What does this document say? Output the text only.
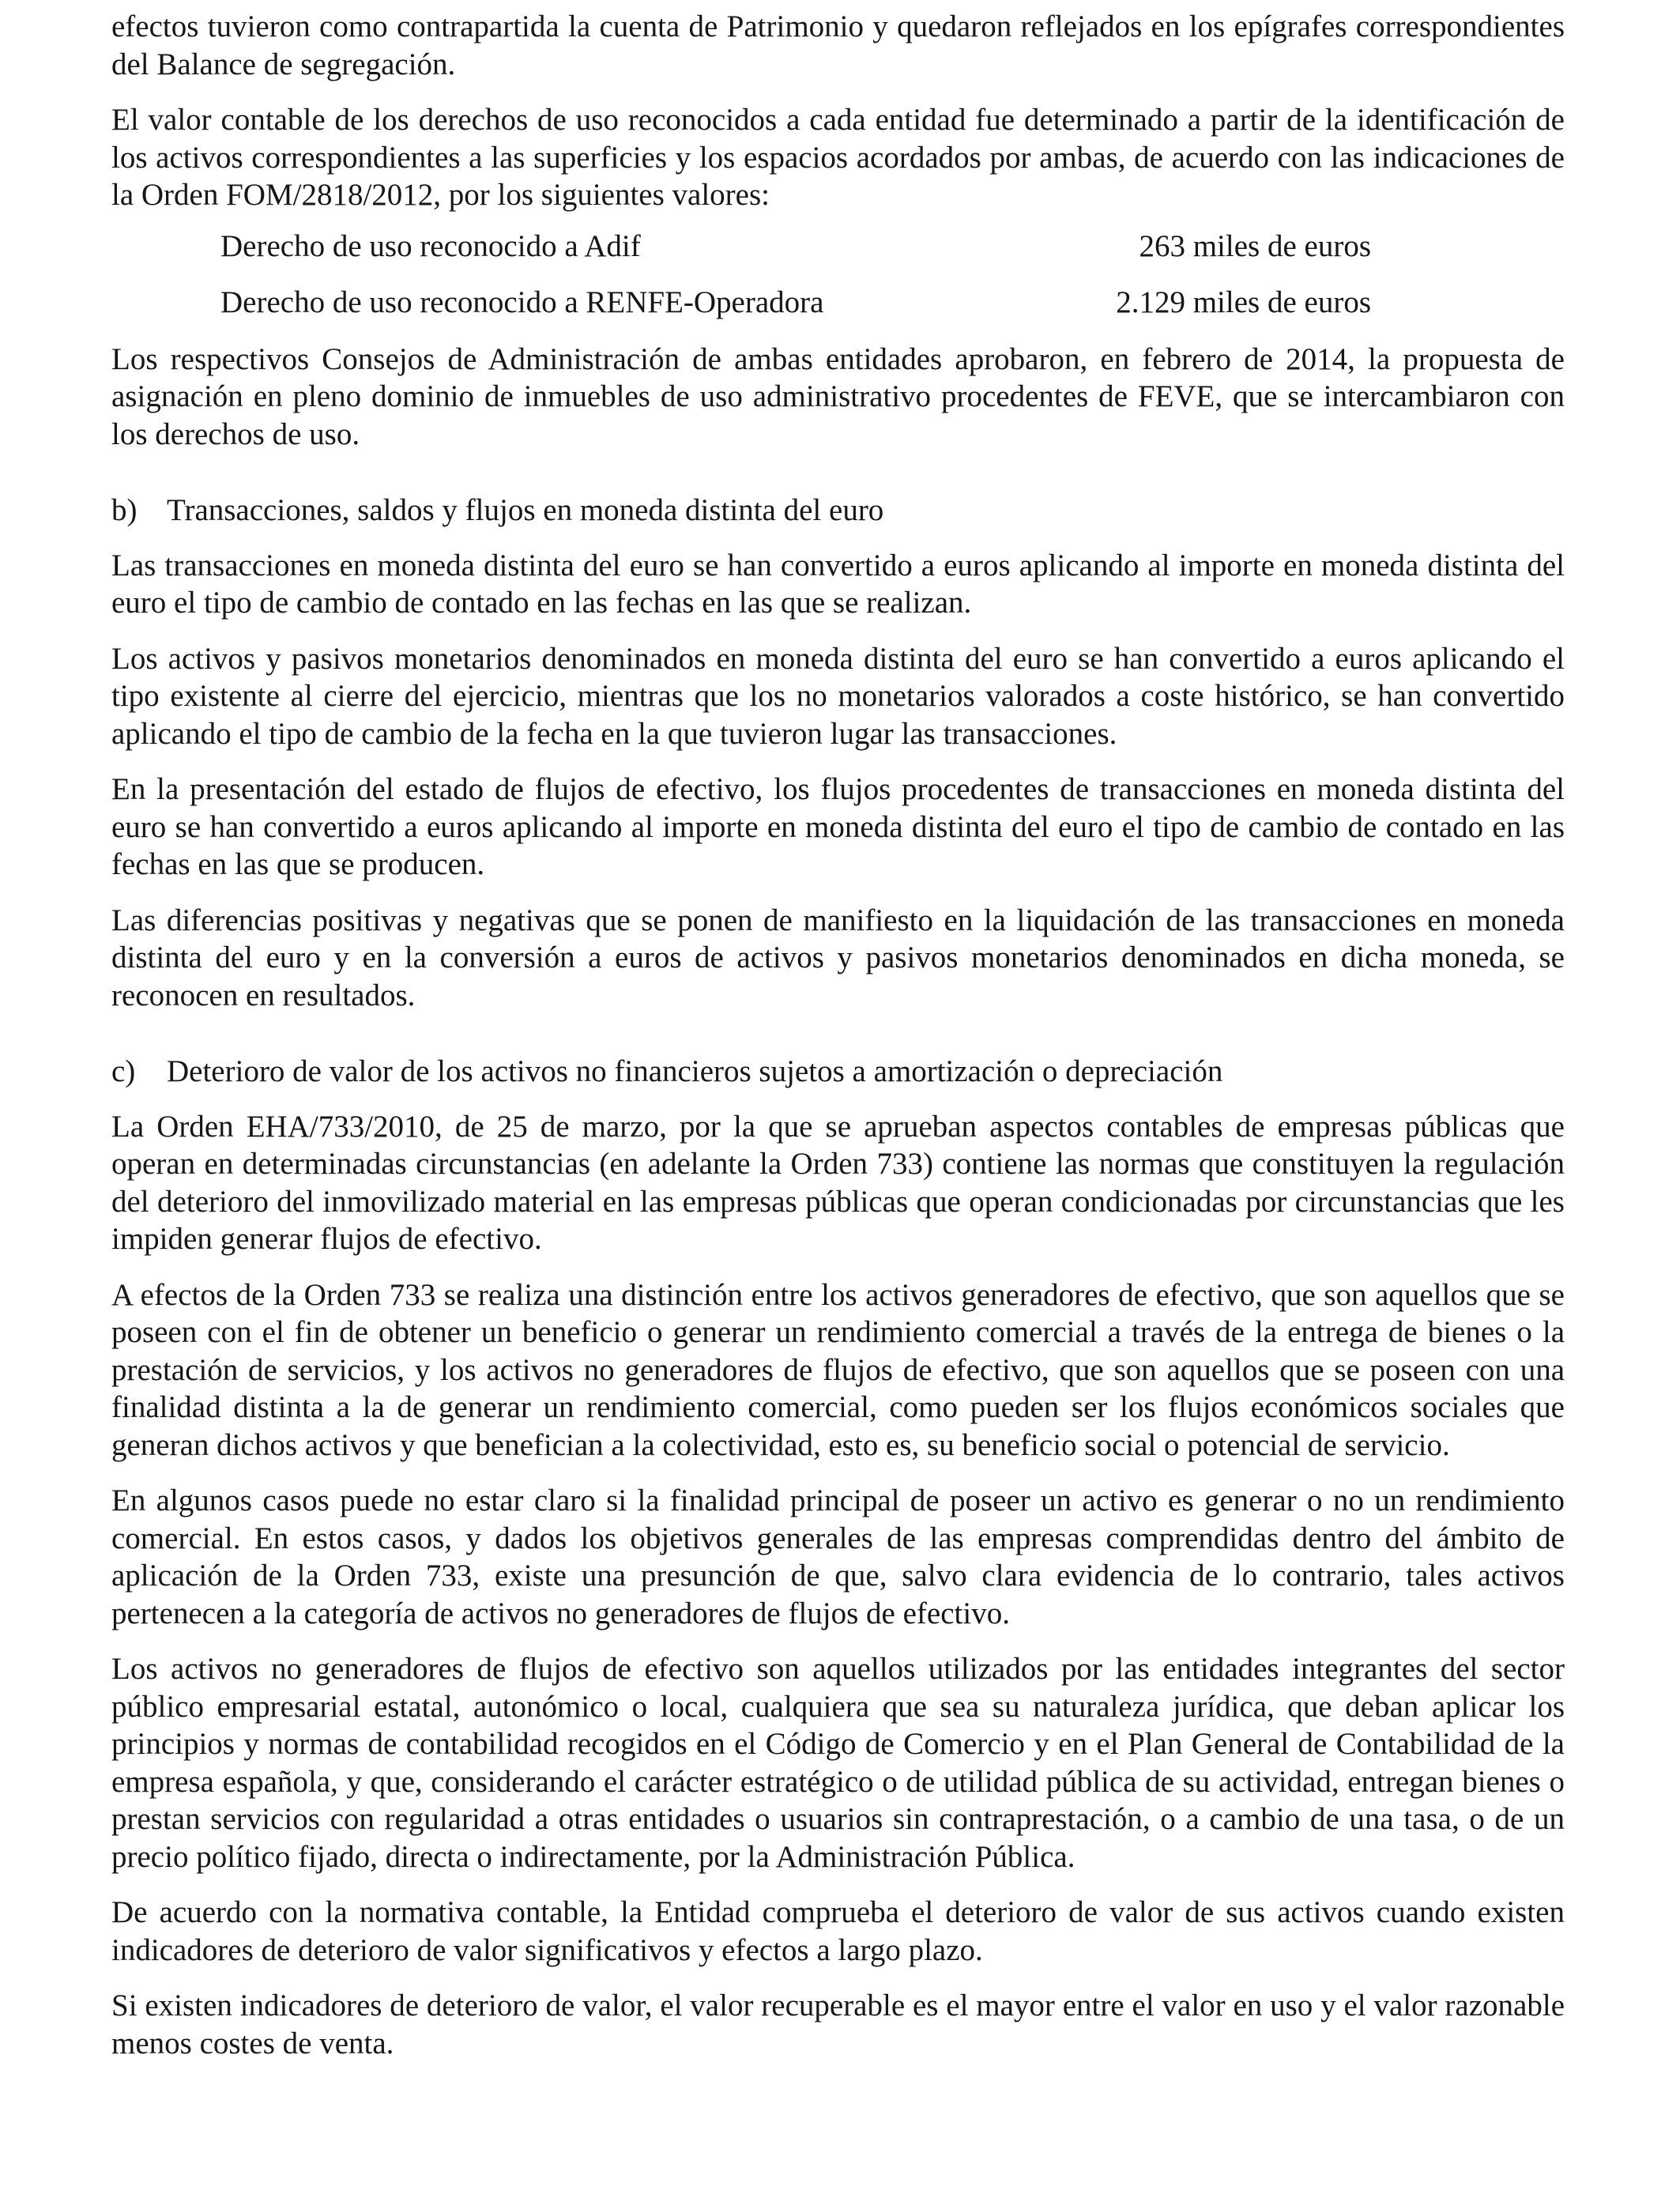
efectos tuvieron como contrapartida la cuenta de Patrimonio y quedaron reflejados en los epígrafes correspondientes del Balance de segregación.

El valor contable de los derechos de uso reconocidos a cada entidad fue determinado a partir de la identificación de los activos correspondientes a las superficies y los espacios acordados por ambas, de acuerdo con las indicaciones de la Orden FOM/2818/2012, por los siguientes valores:

Derecho de uso reconocido a Adif	263 miles de euros
Derecho de uso reconocido a RENFE-Operadora	2.129 miles de euros

Los respectivos Consejos de Administración de ambas entidades aprobaron, en febrero de 2014, la propuesta de asignación en pleno dominio de inmuebles de uso administrativo procedentes de FEVE, que se intercambiaron con los derechos de uso.

b) Transacciones, saldos y flujos en moneda distinta del euro

Las transacciones en moneda distinta del euro se han convertido a euros aplicando al importe en moneda distinta del euro el tipo de cambio de contado en las fechas en las que se realizan.

Los activos y pasivos monetarios denominados en moneda distinta del euro se han convertido a euros aplicando el tipo existente al cierre del ejercicio, mientras que los no monetarios valorados a coste histórico, se han convertido aplicando el tipo de cambio de la fecha en la que tuvieron lugar las transacciones.

En la presentación del estado de flujos de efectivo, los flujos procedentes de transacciones en moneda distinta del euro se han convertido a euros aplicando al importe en moneda distinta del euro el tipo de cambio de contado en las fechas en las que se producen.

Las diferencias positivas y negativas que se ponen de manifiesto en la liquidación de las transacciones en moneda distinta del euro y en la conversión a euros de activos y pasivos monetarios denominados en dicha moneda, se reconocen en resultados.

c) Deterioro de valor de los activos no financieros sujetos a amortización o depreciación

La Orden EHA/733/2010, de 25 de marzo, por la que se aprueban aspectos contables de empresas públicas que operan en determinadas circunstancias (en adelante la Orden 733) contiene las normas que constituyen la regulación del deterioro del inmovilizado material en las empresas públicas que operan condicionadas por circunstancias que les impiden generar flujos de efectivo.

A efectos de la Orden 733 se realiza una distinción entre los activos generadores de efectivo, que son aquellos que se poseen con el fin de obtener un beneficio o generar un rendimiento comercial a través de la entrega de bienes o la prestación de servicios, y los activos no generadores de flujos de efectivo, que son aquellos que se poseen con una finalidad distinta a la de generar un rendimiento comercial, como pueden ser los flujos económicos sociales que generan dichos activos y que benefician a la colectividad, esto es, su beneficio social o potencial de servicio.

En algunos casos puede no estar claro si la finalidad principal de poseer un activo es generar o no un rendimiento comercial. En estos casos, y dados los objetivos generales de las empresas comprendidas dentro del ámbito de aplicación de la Orden 733, existe una presunción de que, salvo clara evidencia de lo contrario, tales activos pertenecen a la categoría de activos no generadores de flujos de efectivo.

Los activos no generadores de flujos de efectivo son aquellos utilizados por las entidades integrantes del sector público empresarial estatal, autonómico o local, cualquiera que sea su naturaleza jurídica, que deban aplicar los principios y normas de contabilidad recogidos en el Código de Comercio y en el Plan General de Contabilidad de la empresa española, y que, considerando el carácter estratégico o de utilidad pública de su actividad, entregan bienes o prestan servicios con regularidad a otras entidades o usuarios sin contraprestación, o a cambio de una tasa, o de un precio político fijado, directa o indirectamente, por la Administración Pública.

De acuerdo con la normativa contable, la Entidad comprueba el deterioro de valor de sus activos cuando existen indicadores de deterioro de valor significativos y efectos a largo plazo.

Si existen indicadores de deterioro de valor, el valor recuperable es el mayor entre el valor en uso y el valor razonable menos costes de venta.
